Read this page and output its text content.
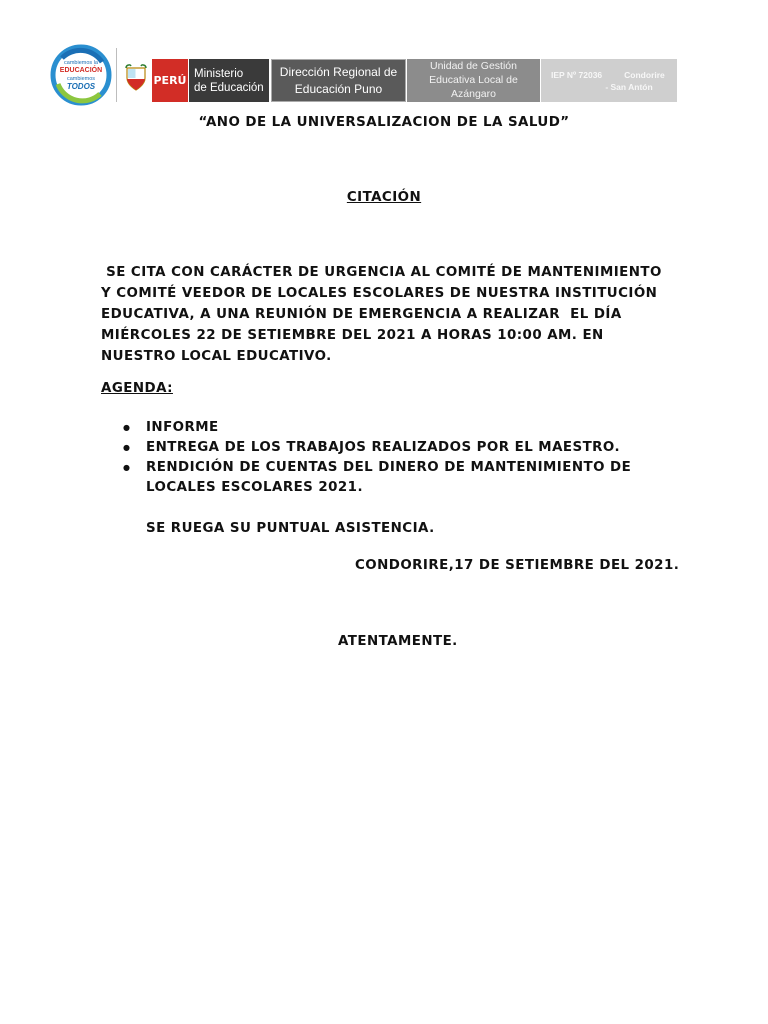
cambiemos la
EDUCACIÓN
cambiemos
TODOS	PERÚ Ministerio
de Educación
Dirección Regional de
Educación Puno
Unidad de Gestión
Educativa Local de
Azángaro
IEP Nº 72036	Condorire
- San Antón
“ANO DE LA UNIVERSALIZACION DE LA SALUD”
CITACIÓN
SE CITA CON CARÁCTER DE URGENCIA AL COMITÉ DE MANTENIMIENTO
Y COMITÉ VEEDOR DE LOCALES ESCOLARES DE NUESTRA INSTITUCIÓN
EDUCATIVA, A UNA REUNIÓN DE EMERGENCIA A REALIZAR  EL DÍA
MIÉRCOLES 22 DE SETIEMBRE DEL 2021 A HORAS 10:00 AM. EN
NUESTRO LOCAL EDUCATIVO.
AGENDA:
● INFORME
● ENTREGA DE LOS TRABAJOS REALIZADOS POR EL MAESTRO.
● RENDICIÓN DE CUENTAS DEL DINERO DE MANTENIMIENTO DE
LOCALES ESCOLARES 2021.
SE RUEGA SU PUNTUAL ASISTENCIA.
CONDORIRE,17 DE SETIEMBRE DEL 2021.
ATENTAMENTE.
